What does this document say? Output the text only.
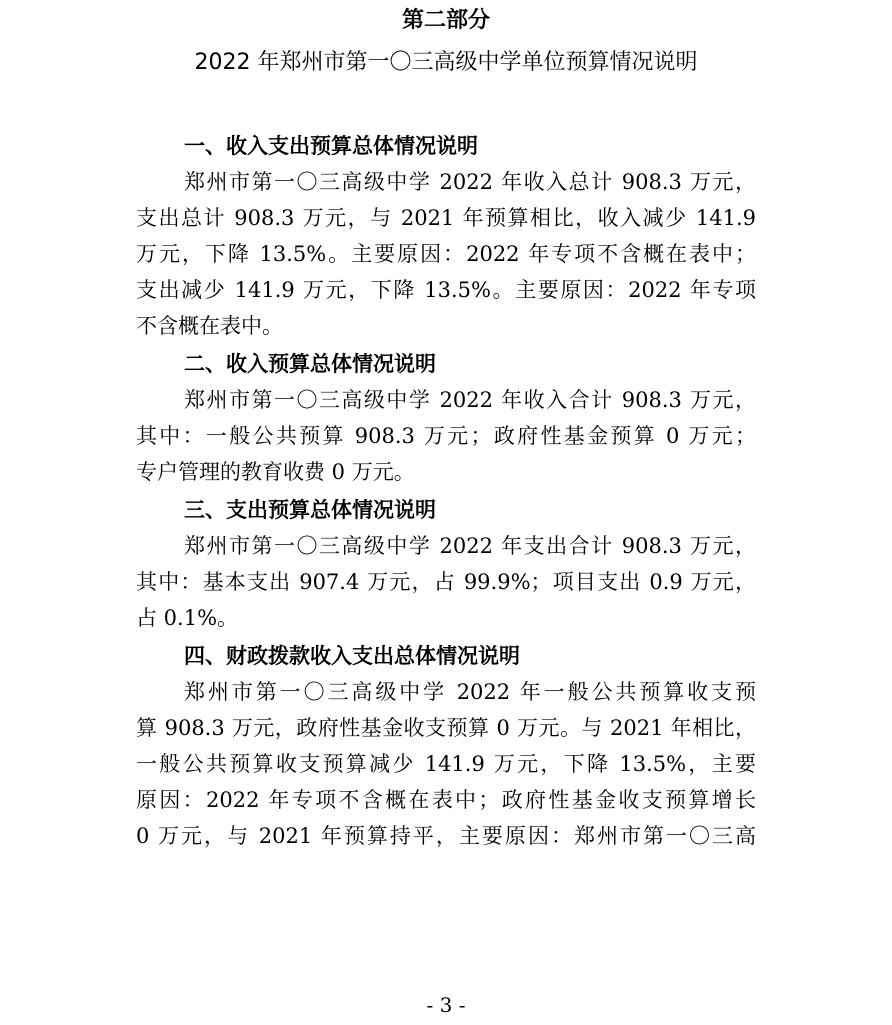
第二部分
2022 年郑州市第一〇三高级中学单位预算情况说明
一、收入支出预算总体情况说明
郑州市第一〇三高级中学 2022 年收入总计 908.3 万元，
支出总计 908.3 万元，与 2021 年预算相比，收入减少 141.9
万元，下降 13.5%。主要原因：2022 年专项不含概在表中；
支出减少 141.9 万元，下降 13.5%。主要原因：2022 年专项
不含概在表中。
二、收入预算总体情况说明
郑州市第一〇三高级中学 2022 年收入合计 908.3 万元，
其中：一般公共预算 908.3 万元；政府性基金预算 0 万元；
专户管理的教育收费 0 万元。
三、支出预算总体情况说明
郑州市第一〇三高级中学 2022 年支出合计 908.3 万元，
其中：基本支出 907.4 万元，占 99.9%；项目支出 0.9 万元，
占 0.1%。
四、财政拨款收入支出总体情况说明
郑州市第一〇三高级中学 2022 年一般公共预算收支预
算 908.3 万元，政府性基金收支预算 0 万元。与 2021 年相比，
一般公共预算收支预算减少 141.9 万元，下降 13.5%，主要
原因：2022 年专项不含概在表中；政府性基金收支预算增长
0 万元，与 2021 年预算持平，主要原因：郑州市第一〇三高
- 3 -
